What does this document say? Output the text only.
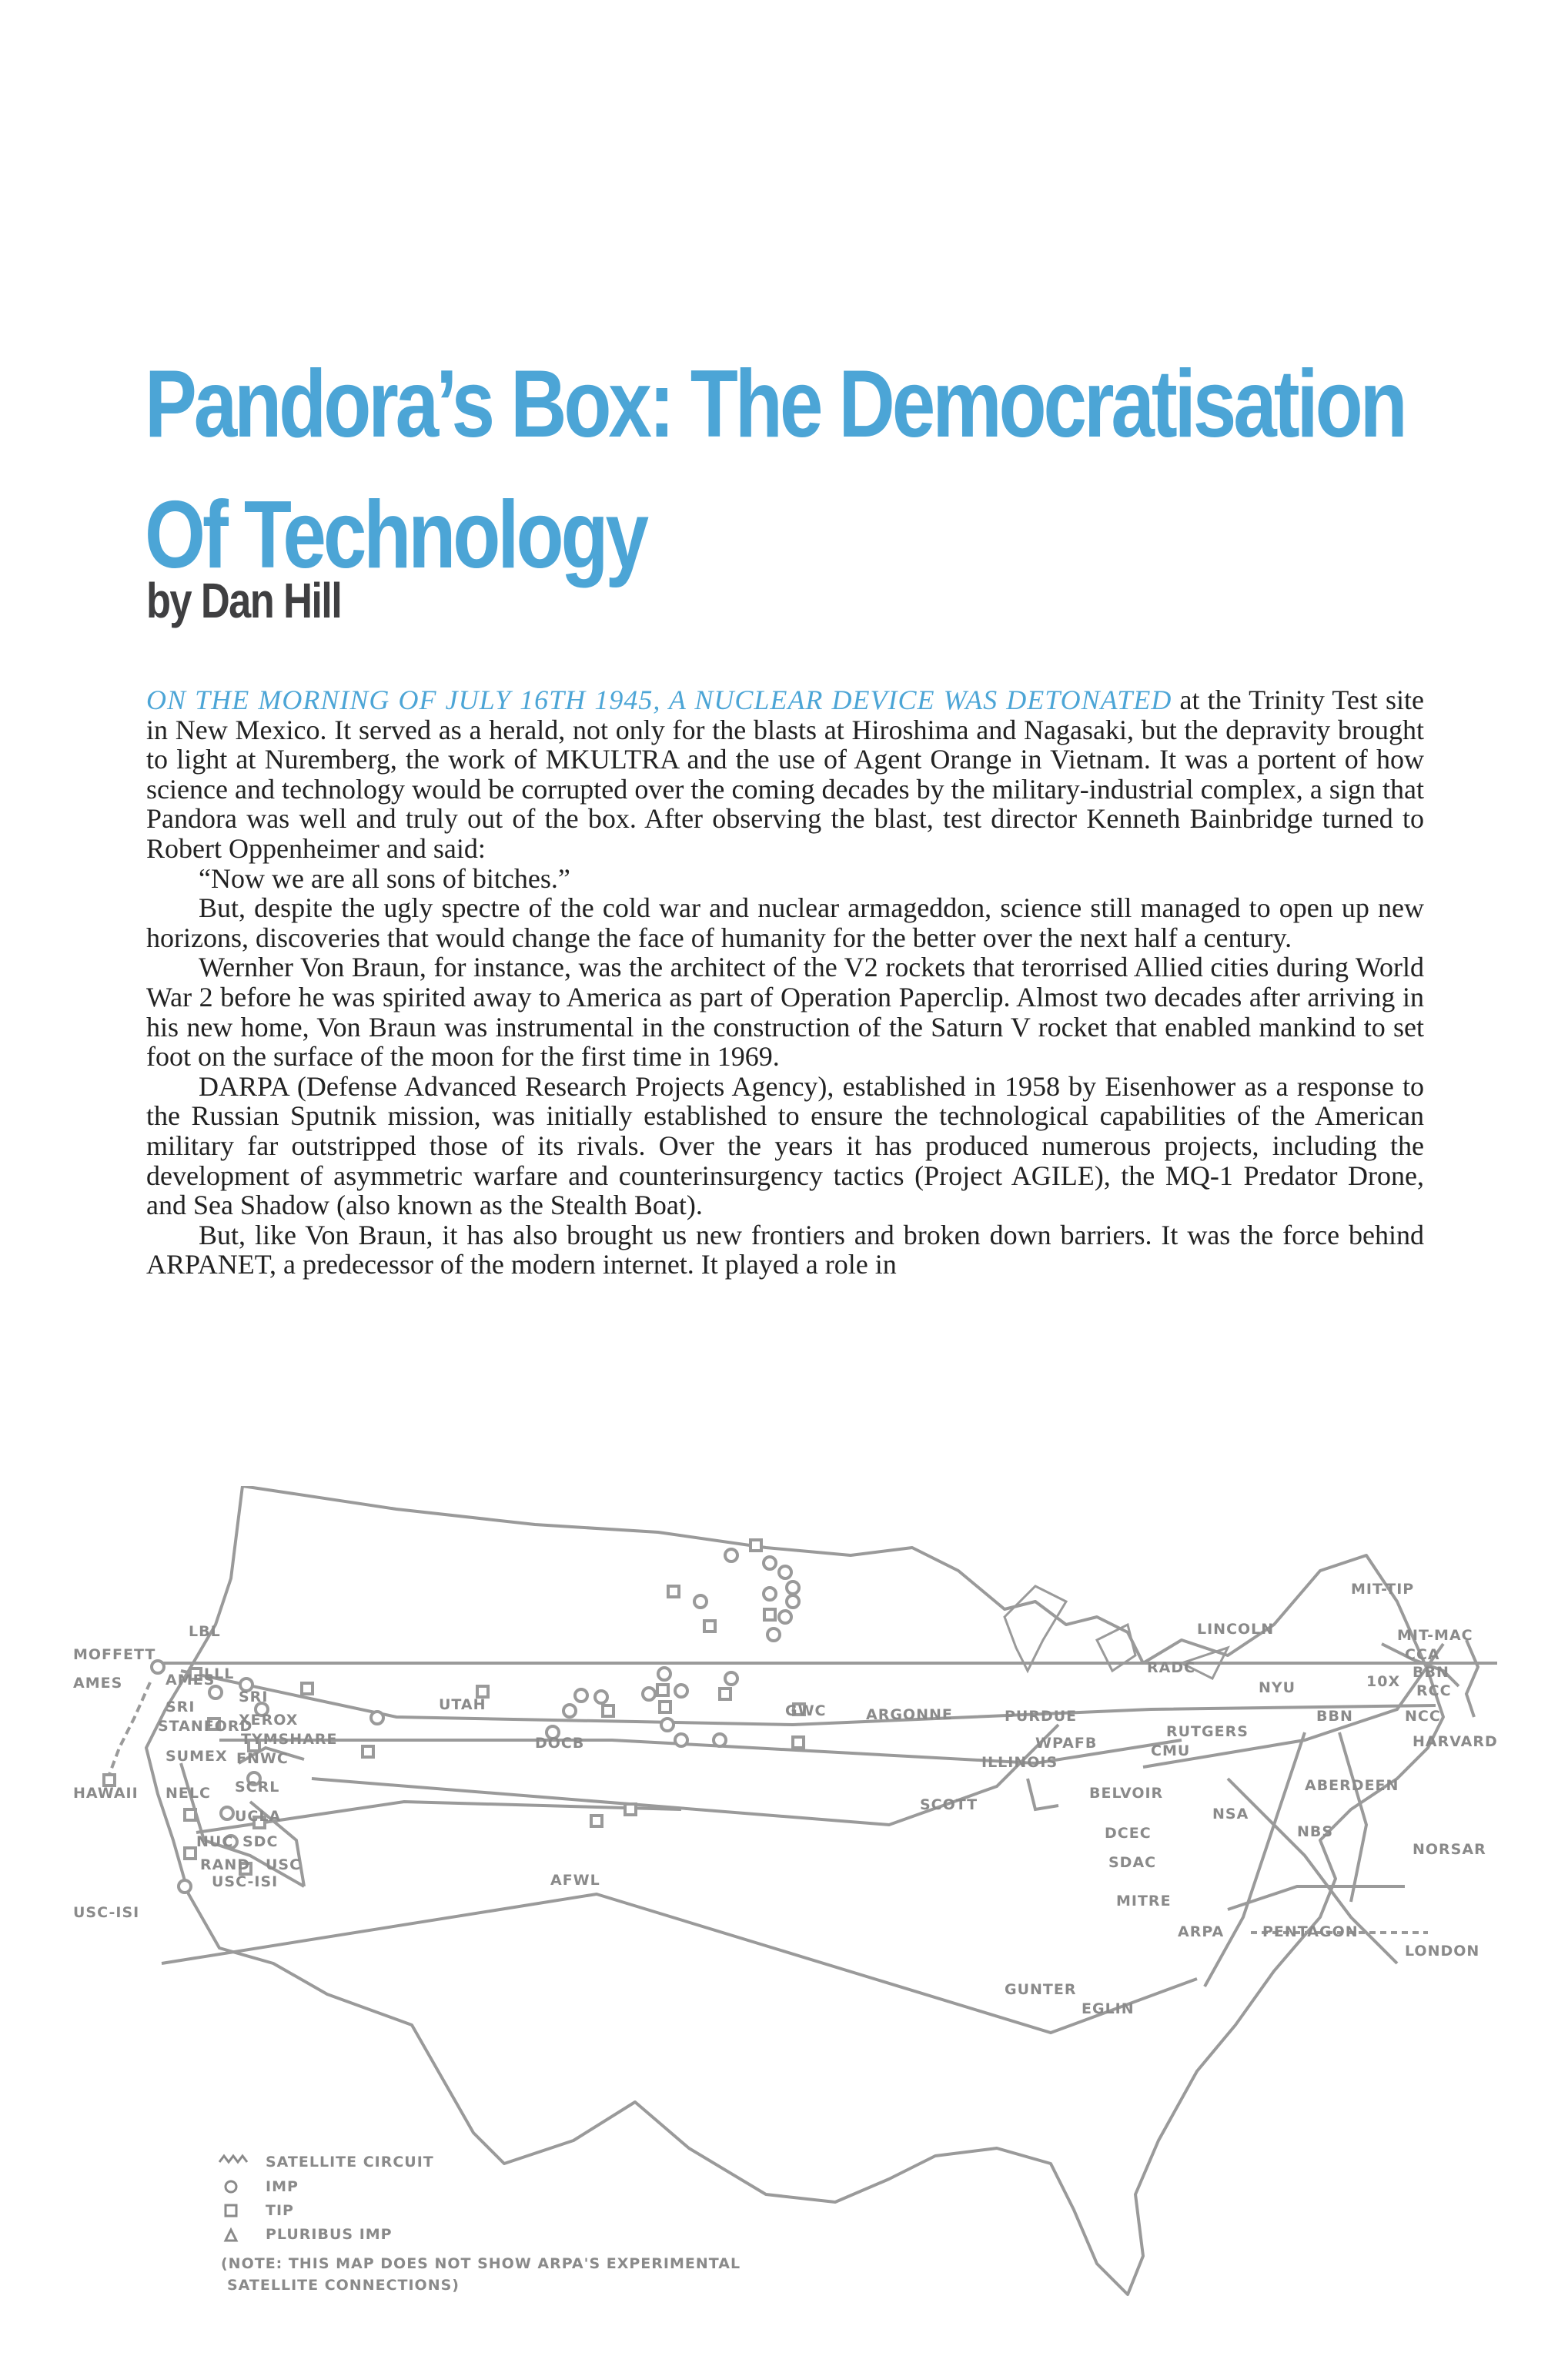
Pandora’s Box: The Democratisation
Of Technology
by Dan Hill

ON THE MORNING OF JULY 16TH 1945, A NUCLEAR DEVICE WAS DETONATED at the Trinity Test site in New Mexico. It served as a herald, not only for the blasts at Hiroshima and Nagasaki, but the depravity brought to light at Nuremberg, the work of MKULTRA and the use of Agent Orange in Vietnam. It was a portent of how science and technology would be corrupted over the coming decades by the military-industrial complex, a sign that Pandora was well and truly out of the box. After observing the blast, test director Kenneth Bainbridge turned to Robert Oppenheimer and said:

“Now we are all sons of bitches.”

But, despite the ugly spectre of the cold war and nuclear armageddon, science still managed to open up new horizons, discoveries that would change the face of humanity for the better over the next half a century.

Wernher Von Braun, for instance, was the architect of the V2 rockets that terorrised Allied cities during World War 2 before he was spirited away to America as part of Operation Paperclip. Almost two decades after arriving in his new home, Von Braun was instrumental in the construction of the Saturn V rocket that enabled mankind to set foot on the surface of the moon for the first time in 1969.

DARPA (Defense Advanced Research Projects Agency), established in 1958 by Eisenhower as a response to the Russian Sputnik mission, was initially established to ensure the technological capabilities of the American military far outstripped those of its rivals. Over the years it has produced numerous projects, including the development of asymmetric warfare and counterinsurgency tactics (Project AGILE), the MQ-1 Predator Drone, and Sea Shadow (also known as the Stealth Boat).

But, like Von Braun, it has also brought us new frontiers and broken down barriers. It was the force behind ARPANET, a predecessor of the modern internet. It played a role in

MOFFETT
LBL
AMES	AMES
LLL
SRI
SRI
XEROX
STANFORD
TYMSHARE
SUMEX FNWC
HAWAII NELC SCRL
UCLA
NUC SDC
RAND USC
USC-ISI
USC-ISI
UTAH
DOCB
AFWL
GWC	ARGONNE	PURDUE
WPAFB
ILLINOIS
SCOTT
GUNTER
EGLIN
LINCOLN
RADC
MIT-TIP
MIT-MAC
CCA
BBN
RCC
10X
NYU
BBN	NCC
RUTGERS
HARVARD
CMU
ABERDEEN
BELVOIR
NSA
DCEC	NBS
SDAC
NORSAR
MITRE
ARPA	PENTAGON
LONDON
SATELLITE CIRCUIT
IMP
TIP
PLURIBUS IMP
(NOTE: THIS MAP DOES NOT SHOW ARPA'S EXPERIMENTAL
SATELLITE CONNECTIONS)
